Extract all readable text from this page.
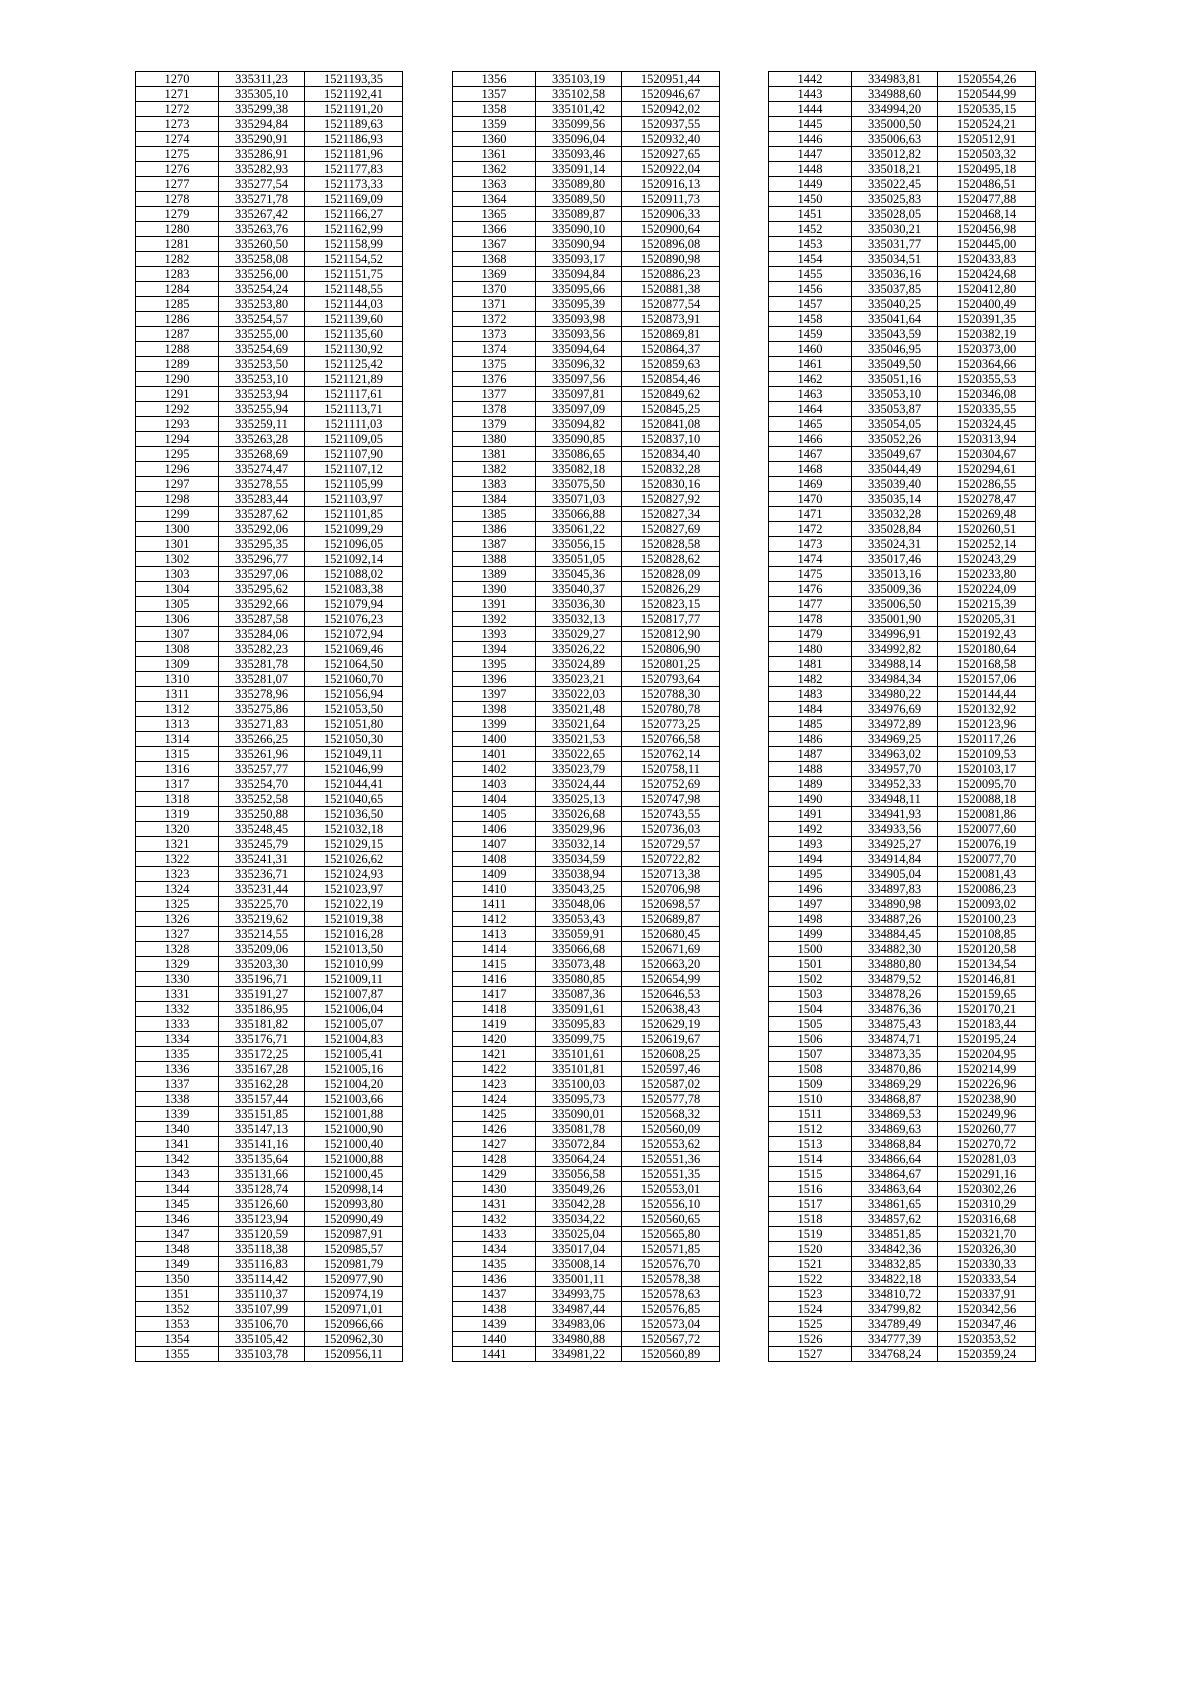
1270	335311,23	1521193,35
1271	335305,10	1521192,41
1272	335299,38	1521191,20
1273	335294,84	1521189,63
1274	335290,91	1521186,93
1275	335286,91	1521181,96
1276	335282,93	1521177,83
1277	335277,54	1521173,33
1278	335271,78	1521169,09
1279	335267,42	1521166,27
1280	335263,76	1521162,99
1281	335260,50	1521158,99
1282	335258,08	1521154,52
1283	335256,00	1521151,75
1284	335254,24	1521148,55
1285	335253,80	1521144,03
1286	335254,57	1521139,60
1287	335255,00	1521135,60
1288	335254,69	1521130,92
1289	335253,50	1521125,42
1290	335253,10	1521121,89
1291	335253,94	1521117,61
1292	335255,94	1521113,71
1293	335259,11	1521111,03
1294	335263,28	1521109,05
1295	335268,69	1521107,90
1296	335274,47	1521107,12
1297	335278,55	1521105,99
1298	335283,44	1521103,97
1299	335287,62	1521101,85
1300	335292,06	1521099,29
1301	335295,35	1521096,05
1302	335296,77	1521092,14
1303	335297,06	1521088,02
1304	335295,62	1521083,38
1305	335292,66	1521079,94
1306	335287,58	1521076,23
1307	335284,06	1521072,94
1308	335282,23	1521069,46
1309	335281,78	1521064,50
1310	335281,07	1521060,70
1311	335278,96	1521056,94
1312	335275,86	1521053,50
1313	335271,83	1521051,80
1314	335266,25	1521050,30
1315	335261,96	1521049,11
1316	335257,77	1521046,99
1317	335254,70	1521044,41
1318	335252,58	1521040,65
1319	335250,88	1521036,50
1320	335248,45	1521032,18
1321	335245,79	1521029,15
1322	335241,31	1521026,62
1323	335236,71	1521024,93
1324	335231,44	1521023,97
1325	335225,70	1521022,19
1326	335219,62	1521019,38
1327	335214,55	1521016,28
1328	335209,06	1521013,50
1329	335203,30	1521010,99
1330	335196,71	1521009,11
1331	335191,27	1521007,87
1332	335186,95	1521006,04
1333	335181,82	1521005,07
1334	335176,71	1521004,83
1335	335172,25	1521005,41
1336	335167,28	1521005,16
1337	335162,28	1521004,20
1338	335157,44	1521003,66
1339	335151,85	1521001,88
1340	335147,13	1521000,90
1341	335141,16	1521000,40
1342	335135,64	1521000,88
1343	335131,66	1521000,45
1344	335128,74	1520998,14
1345	335126,60	1520993,80
1346	335123,94	1520990,49
1347	335120,59	1520987,91
1348	335118,38	1520985,57
1349	335116,83	1520981,79
1350	335114,42	1520977,90
1351	335110,37	1520974,19
1352	335107,99	1520971,01
1353	335106,70	1520966,66
1354	335105,42	1520962,30
1355	335103,78	1520956,11
1356	335103,19	1520951,44
1357	335102,58	1520946,67
1358	335101,42	1520942,02
1359	335099,56	1520937,55
1360	335096,04	1520932,40
1361	335093,46	1520927,65
1362	335091,14	1520922,04
1363	335089,80	1520916,13
1364	335089,50	1520911,73
1365	335089,87	1520906,33
1366	335090,10	1520900,64
1367	335090,94	1520896,08
1368	335093,17	1520890,98
1369	335094,84	1520886,23
1370	335095,66	1520881,38
1371	335095,39	1520877,54
1372	335093,98	1520873,91
1373	335093,56	1520869,81
1374	335094,64	1520864,37
1375	335096,32	1520859,63
1376	335097,56	1520854,46
1377	335097,81	1520849,62
1378	335097,09	1520845,25
1379	335094,82	1520841,08
1380	335090,85	1520837,10
1381	335086,65	1520834,40
1382	335082,18	1520832,28
1383	335075,50	1520830,16
1384	335071,03	1520827,92
1385	335066,88	1520827,34
1386	335061,22	1520827,69
1387	335056,15	1520828,58
1388	335051,05	1520828,62
1389	335045,36	1520828,09
1390	335040,37	1520826,29
1391	335036,30	1520823,15
1392	335032,13	1520817,77
1393	335029,27	1520812,90
1394	335026,22	1520806,90
1395	335024,89	1520801,25
1396	335023,21	1520793,64
1397	335022,03	1520788,30
1398	335021,48	1520780,78
1399	335021,64	1520773,25
1400	335021,53	1520766,58
1401	335022,65	1520762,14
1402	335023,79	1520758,11
1403	335024,44	1520752,69
1404	335025,13	1520747,98
1405	335026,68	1520743,55
1406	335029,96	1520736,03
1407	335032,14	1520729,57
1408	335034,59	1520722,82
1409	335038,94	1520713,38
1410	335043,25	1520706,98
1411	335048,06	1520698,57
1412	335053,43	1520689,87
1413	335059,91	1520680,45
1414	335066,68	1520671,69
1415	335073,48	1520663,20
1416	335080,85	1520654,99
1417	335087,36	1520646,53
1418	335091,61	1520638,43
1419	335095,83	1520629,19
1420	335099,75	1520619,67
1421	335101,61	1520608,25
1422	335101,81	1520597,46
1423	335100,03	1520587,02
1424	335095,73	1520577,78
1425	335090,01	1520568,32
1426	335081,78	1520560,09
1427	335072,84	1520553,62
1428	335064,24	1520551,36
1429	335056,58	1520551,35
1430	335049,26	1520553,01
1431	335042,28	1520556,10
1432	335034,22	1520560,65
1433	335025,04	1520565,80
1434	335017,04	1520571,85
1435	335008,14	1520576,70
1436	335001,11	1520578,38
1437	334993,75	1520578,63
1438	334987,44	1520576,85
1439	334983,06	1520573,04
1440	334980,88	1520567,72
1441	334981,22	1520560,89
1442	334983,81	1520554,26
1443	334988,60	1520544,99
1444	334994,20	1520535,15
1445	335000,50	1520524,21
1446	335006,63	1520512,91
1447	335012,82	1520503,32
1448	335018,21	1520495,18
1449	335022,45	1520486,51
1450	335025,83	1520477,88
1451	335028,05	1520468,14
1452	335030,21	1520456,98
1453	335031,77	1520445,00
1454	335034,51	1520433,83
1455	335036,16	1520424,68
1456	335037,85	1520412,80
1457	335040,25	1520400,49
1458	335041,64	1520391,35
1459	335043,59	1520382,19
1460	335046,95	1520373,00
1461	335049,50	1520364,66
1462	335051,16	1520355,53
1463	335053,10	1520346,08
1464	335053,87	1520335,55
1465	335054,05	1520324,45
1466	335052,26	1520313,94
1467	335049,67	1520304,67
1468	335044,49	1520294,61
1469	335039,40	1520286,55
1470	335035,14	1520278,47
1471	335032,28	1520269,48
1472	335028,84	1520260,51
1473	335024,31	1520252,14
1474	335017,46	1520243,29
1475	335013,16	1520233,80
1476	335009,36	1520224,09
1477	335006,50	1520215,39
1478	335001,90	1520205,31
1479	334996,91	1520192,43
1480	334992,82	1520180,64
1481	334988,14	1520168,58
1482	334984,34	1520157,06
1483	334980,22	1520144,44
1484	334976,69	1520132,92
1485	334972,89	1520123,96
1486	334969,25	1520117,26
1487	334963,02	1520109,53
1488	334957,70	1520103,17
1489	334952,33	1520095,70
1490	334948,11	1520088,18
1491	334941,93	1520081,86
1492	334933,56	1520077,60
1493	334925,27	1520076,19
1494	334914,84	1520077,70
1495	334905,04	1520081,43
1496	334897,83	1520086,23
1497	334890,98	1520093,02
1498	334887,26	1520100,23
1499	334884,45	1520108,85
1500	334882,30	1520120,58
1501	334880,80	1520134,54
1502	334879,52	1520146,81
1503	334878,26	1520159,65
1504	334876,36	1520170,21
1505	334875,43	1520183,44
1506	334874,71	1520195,24
1507	334873,35	1520204,95
1508	334870,86	1520214,99
1509	334869,29	1520226,96
1510	334868,87	1520238,90
1511	334869,53	1520249,96
1512	334869,63	1520260,77
1513	334868,84	1520270,72
1514	334866,64	1520281,03
1515	334864,67	1520291,16
1516	334863,64	1520302,26
1517	334861,65	1520310,29
1518	334857,62	1520316,68
1519	334851,85	1520321,70
1520	334842,36	1520326,30
1521	334832,85	1520330,33
1522	334822,18	1520333,54
1523	334810,72	1520337,91
1524	334799,82	1520342,56
1525	334789,49	1520347,46
1526	334777,39	1520353,52
1527	334768,24	1520359,24
